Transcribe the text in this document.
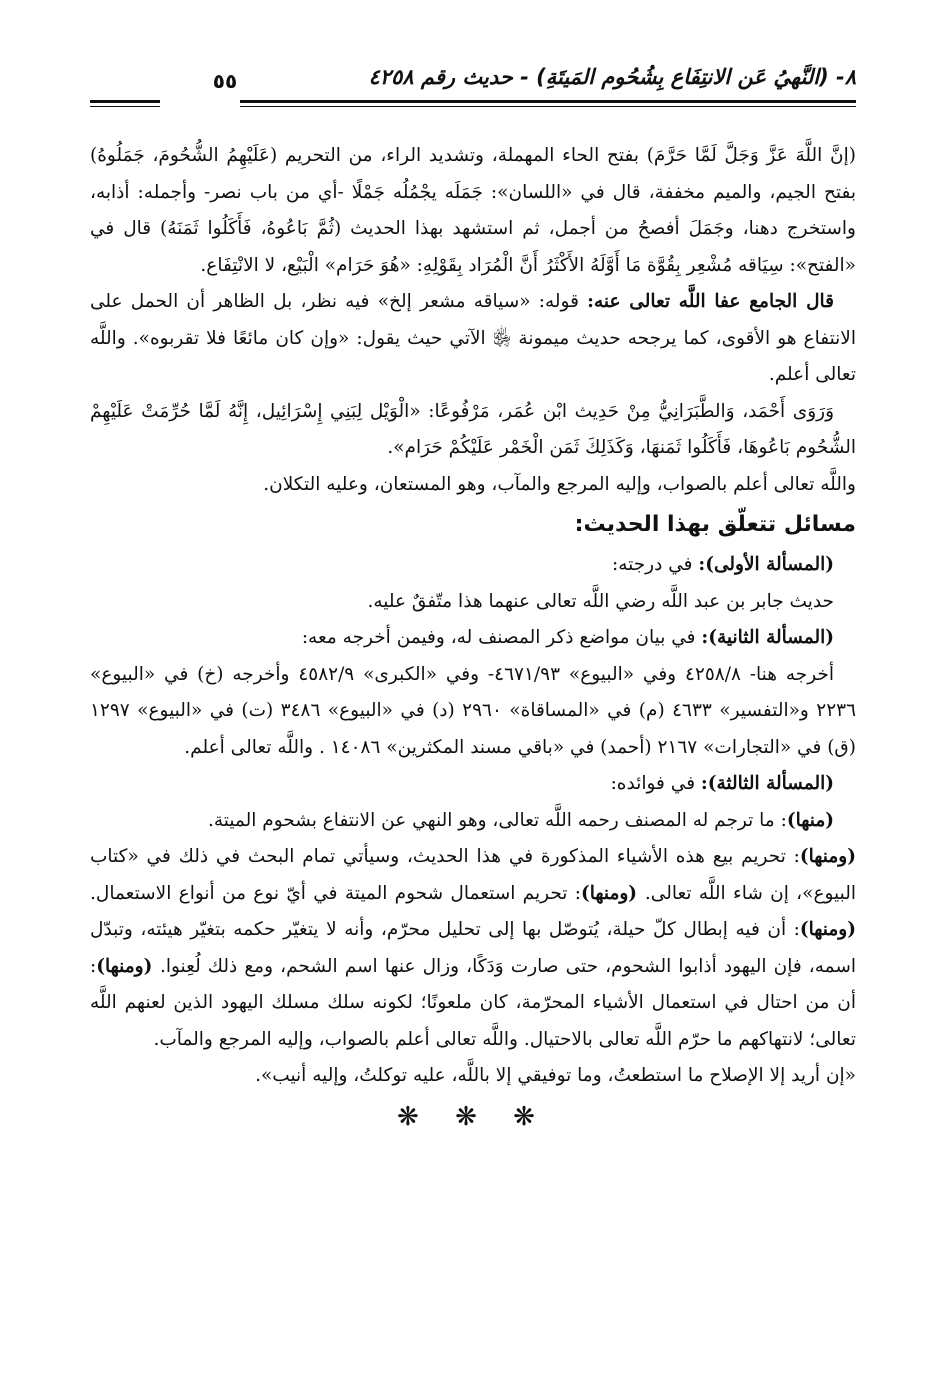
٨- (النَّهيُ عَن الانتِفَاع بِشُحُوم المَيتَةِ) - حديث رقم ٤٢٥٨
٥٥

(إنَّ اللَّهَ عَزَّ وَجَلَّ لَمَّا حَرَّمَ) بفتح الحاء المهملة، وتشديد الراء، من التحريم (عَلَيْهِمُ الشُّحُومَ، جَمَلُوهُ) بفتح الجيم، والميم مخففة، قال في «اللسان»: جَمَلَه يجْمُلُه جَمْلًا -أي من باب نصر- وأجمله: أذابه، واستخرج دهنا، وجَمَلَ أفصحُ من أجمل، ثم استشهد بهذا الحديث (ثُمَّ بَاعُوهُ، فَأَكَلُوا ثَمَنَهُ) قال في «الفتح»: سِيَاقه مُشْعِر بِقُوَّة مَا أَوَّلَهُ الأَكْثَرُ أَنَّ الْمُرَاد بِقَوْلِهِ: «هُوَ حَرَام» الْبَيْع، لا الانْتِفَاع.

قال الجامع عفا اللَّه تعالى عنه: قوله: «سياقه مشعر إلخ» فيه نظر، بل الظاهر أن الحمل على الانتفاع هو الأقوى، كما يرجحه حديث ميمونة ﵂ الآتي حيث يقول: «وإن كان مائعًا فلا تقربوه». واللَّه تعالى أعلم.

وَرَوَى أَحْمَد، وَالطَّبَرَانِيُّ مِنْ حَدِيث ابْن عُمَر، مَرْفُوعًا: «الْوَيْل لِبَنِي إِسْرَائِيل، إِنَّهُ لَمَّا حُرِّمَتْ عَلَيْهِمْ الشُّحُوم بَاعُوهَا، فَأَكَلُوا ثَمَنهَا، وَكَذَلِكَ ثَمَن الْخَمْر عَلَيْكُمْ حَرَام».

واللَّه تعالى أعلم بالصواب، وإليه المرجع والمآب، وهو المستعان، وعليه التكلان.

مسائل تتعلّق بهذا الحديث:

(المسألة الأولى): في درجته:

حديث جابر بن عبد اللَّه رضي اللَّه تعالى عنهما هذا متّفقٌ عليه.

(المسألة الثانية): في بيان مواضع ذكر المصنف له، وفيمن أخرجه معه:

أخرجه هنا- ٤٢٥٨/٨ وفي «البيوع» ٤٦٧١/٩٣- وفي «الكبرى» ٤٥٨٢/٩ وأخرجه (خ) في «البيوع» ٢٢٣٦ و«التفسير» ٤٦٣٣ (م) في «المساقاة» ٢٩٦٠ (د) في «البيوع» ٣٤٨٦ (ت) في «البيوع» ١٢٩٧ (ق) في «التجارات» ٢١٦٧ (أحمد) في «باقي مسند المكثرين» ١٤٠٨٦ . واللَّه تعالى أعلم.

(المسألة الثالثة): في فوائده:

(منها): ما ترجم له المصنف رحمه اللَّه تعالى، وهو النهي عن الانتفاع بشحوم الميتة.

(ومنها): تحريم بيع هذه الأشياء المذكورة في هذا الحديث، وسيأتي تمام البحث في ذلك في «كتاب البيوع»، إن شاء اللَّه تعالى. (ومنها): تحريم استعمال شحوم الميتة في أيّ نوع من أنواع الاستعمال. (ومنها): أن فيه إبطال كلّ حيلة، يُتوصّل بها إلى تحليل محرّم، وأنه لا يتغيّر حكمه بتغيّر هيئته، وتبدّل اسمه، فإن اليهود أذابوا الشحوم، حتى صارت وَدَكًا، وزال عنها اسم الشحم، ومع ذلك لُعِنوا. (ومنها): أن من احتال في استعمال الأشياء المحرّمة، كان ملعونًا؛ لكونه سلك مسلك اليهود الذين لعنهم اللَّه تعالى؛ لانتهاكهم ما حرّم اللَّه تعالى بالاحتيال. واللَّه تعالى أعلم بالصواب، وإليه المرجع والمآب.

«إن أريد إلا الإصلاح ما استطعتُ، وما توفيقي إلا باللَّه، عليه توكلتُ، وإليه أنيب».

❋ ❋ ❋
